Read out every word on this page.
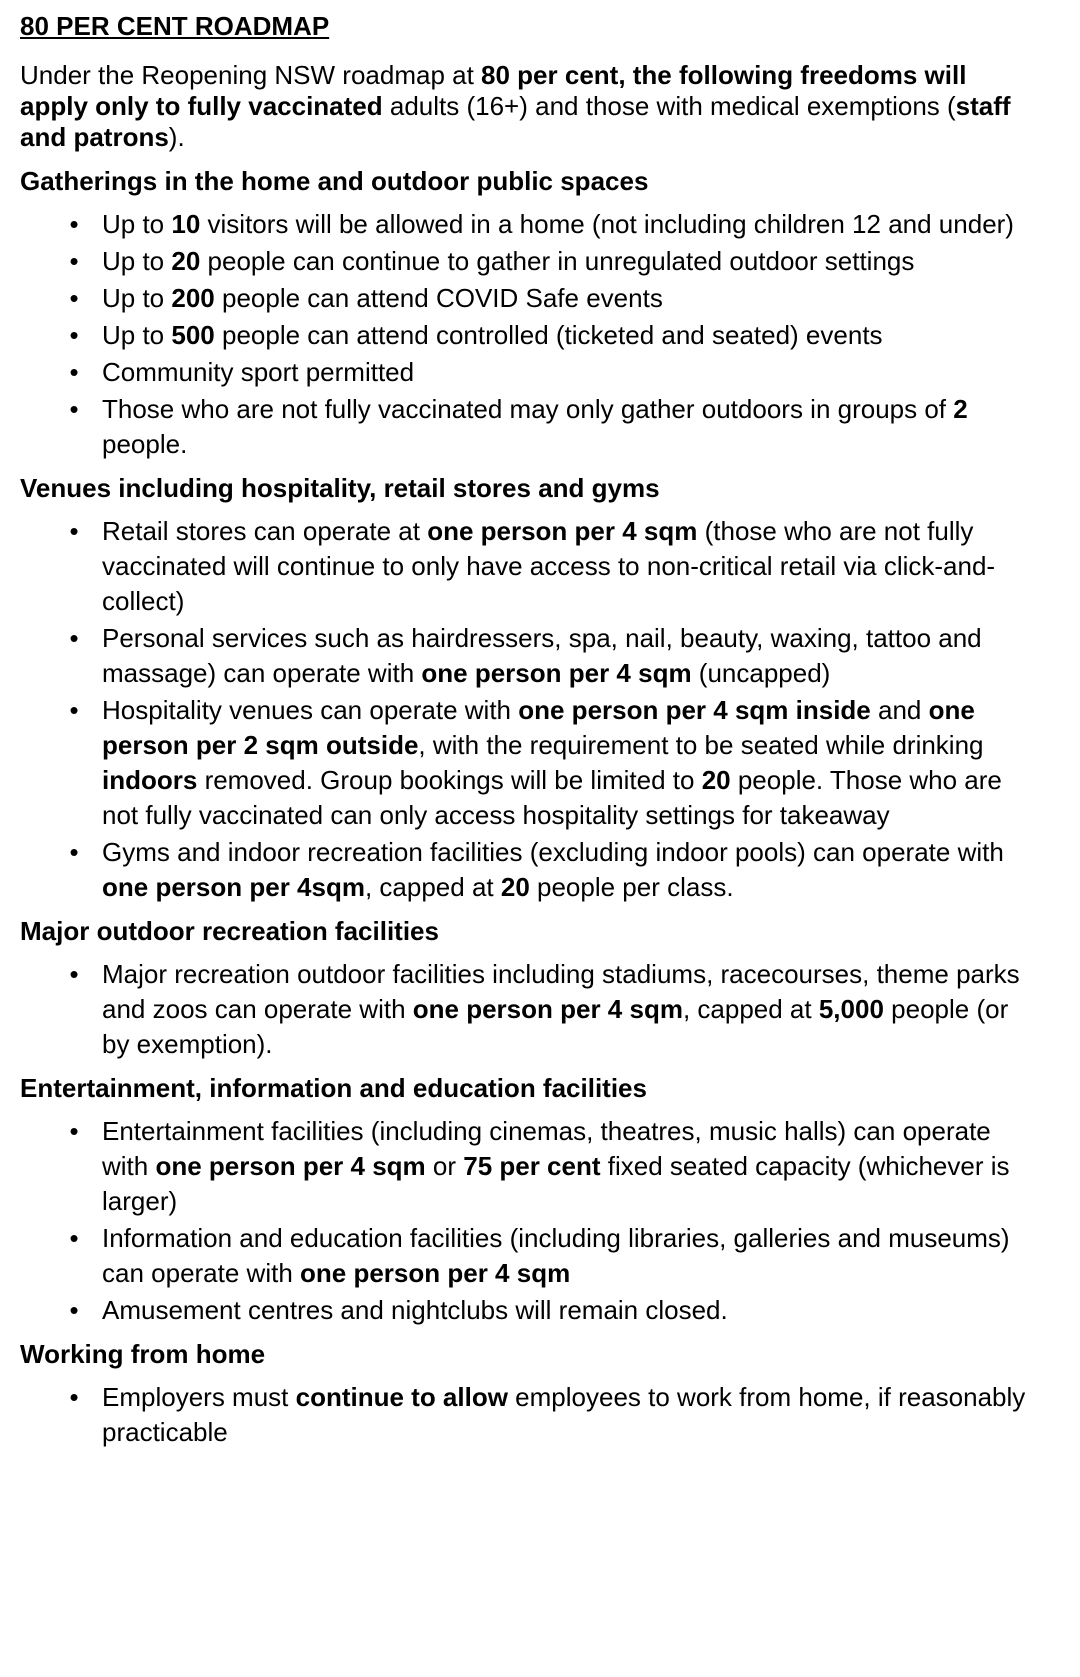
80 PER CENT ROADMAP
Under the Reopening NSW roadmap at 80 per cent, the following freedoms will apply only to fully vaccinated adults (16+) and those with medical exemptions (staff and patrons).
Gatherings in the home and outdoor public spaces
• Up to 10 visitors will be allowed in a home (not including children 12 and under)
• Up to 20 people can continue to gather in unregulated outdoor settings
• Up to 200 people can attend COVID Safe events
• Up to 500 people can attend controlled (ticketed and seated) events
• Community sport permitted
• Those who are not fully vaccinated may only gather outdoors in groups of 2 people.
Venues including hospitality, retail stores and gyms
• Retail stores can operate at one person per 4 sqm (those who are not fully vaccinated will continue to only have access to non-critical retail via click-and-collect)
• Personal services such as hairdressers, spa, nail, beauty, waxing, tattoo and massage) can operate with one person per 4 sqm (uncapped)
• Hospitality venues can operate with one person per 4 sqm inside and one person per 2 sqm outside, with the requirement to be seated while drinking indoors removed. Group bookings will be limited to 20 people. Those who are not fully vaccinated can only access hospitality settings for takeaway
• Gyms and indoor recreation facilities (excluding indoor pools) can operate with one person per 4sqm, capped at 20 people per class.
Major outdoor recreation facilities
• Major recreation outdoor facilities including stadiums, racecourses, theme parks and zoos can operate with one person per 4 sqm, capped at 5,000 people (or by exemption).
Entertainment, information and education facilities
• Entertainment facilities (including cinemas, theatres, music halls) can operate with one person per 4 sqm or 75 per cent fixed seated capacity (whichever is larger)
• Information and education facilities (including libraries, galleries and museums) can operate with one person per 4 sqm
• Amusement centres and nightclubs will remain closed.
Working from home
• Employers must continue to allow employees to work from home, if reasonably practicable
